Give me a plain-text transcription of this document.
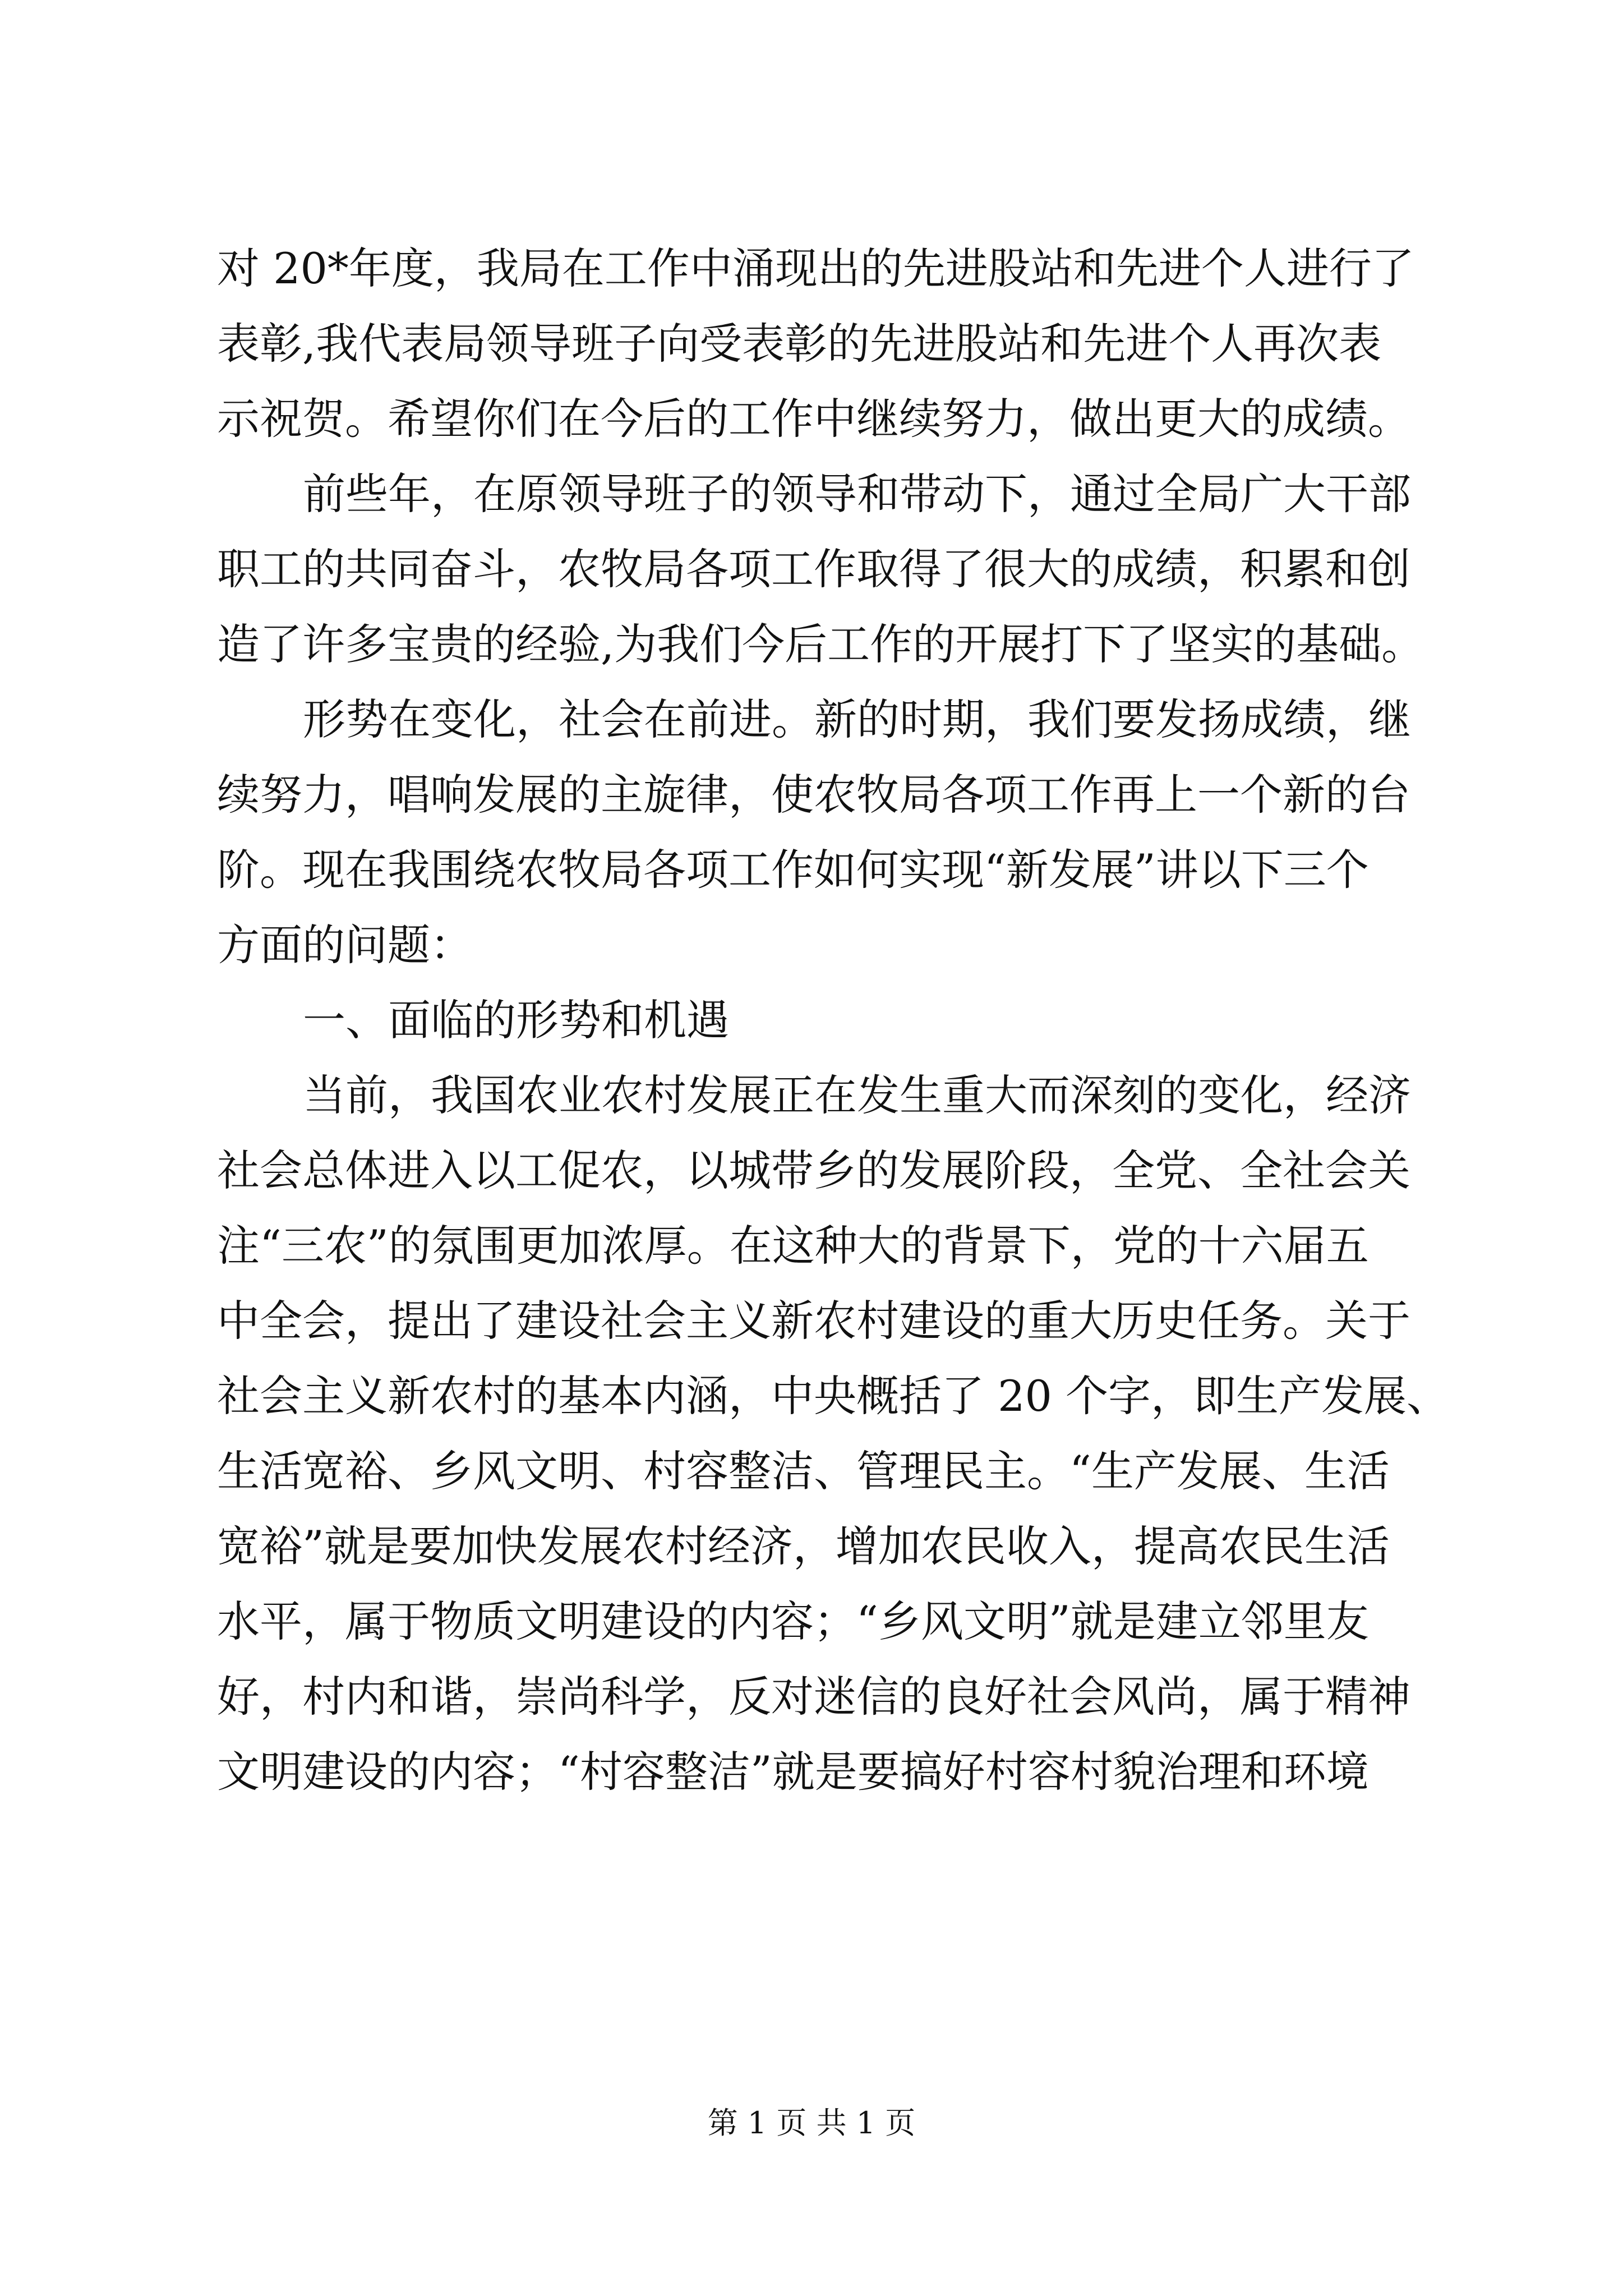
对 20*年度，我局在工作中涌现出的先进股站和先进个人进行了

表彰,我代表局领导班子向受表彰的先进股站和先进个人再次表

示祝贺。希望你们在今后的工作中继续努力，做出更大的成绩。

前些年，在原领导班子的领导和带动下，通过全局广大干部

职工的共同奋斗，农牧局各项工作取得了很大的成绩，积累和创

造了许多宝贵的经验,为我们今后工作的开展打下了坚实的基础。

形势在变化，社会在前进。新的时期，我们要发扬成绩，继

续努力，唱响发展的主旋律，使农牧局各项工作再上一个新的台

阶。现在我围绕农牧局各项工作如何实现“新发展”讲以下三个

方面的问题：

一、面临的形势和机遇

当前，我国农业农村发展正在发生重大而深刻的变化，经济

社会总体进入以工促农，以城带乡的发展阶段，全党、全社会关

注“三农”的氛围更加浓厚。在这种大的背景下，党的十六届五

中全会，提出了建设社会主义新农村建设的重大历史任务。关于

社会主义新农村的基本内涵，中央概括了 20 个字，即生产发展、

生活宽裕、乡风文明、村容整洁、管理民主。“生产发展、生活

宽裕”就是要加快发展农村经济，增加农民收入，提高农民生活

水平，属于物质文明建设的内容；“乡风文明”就是建立邻里友

好，村内和谐，崇尚科学，反对迷信的良好社会风尚，属于精神

文明建设的内容；“村容整洁”就是要搞好村容村貌治理和环境

第 1 页 共 1 页
